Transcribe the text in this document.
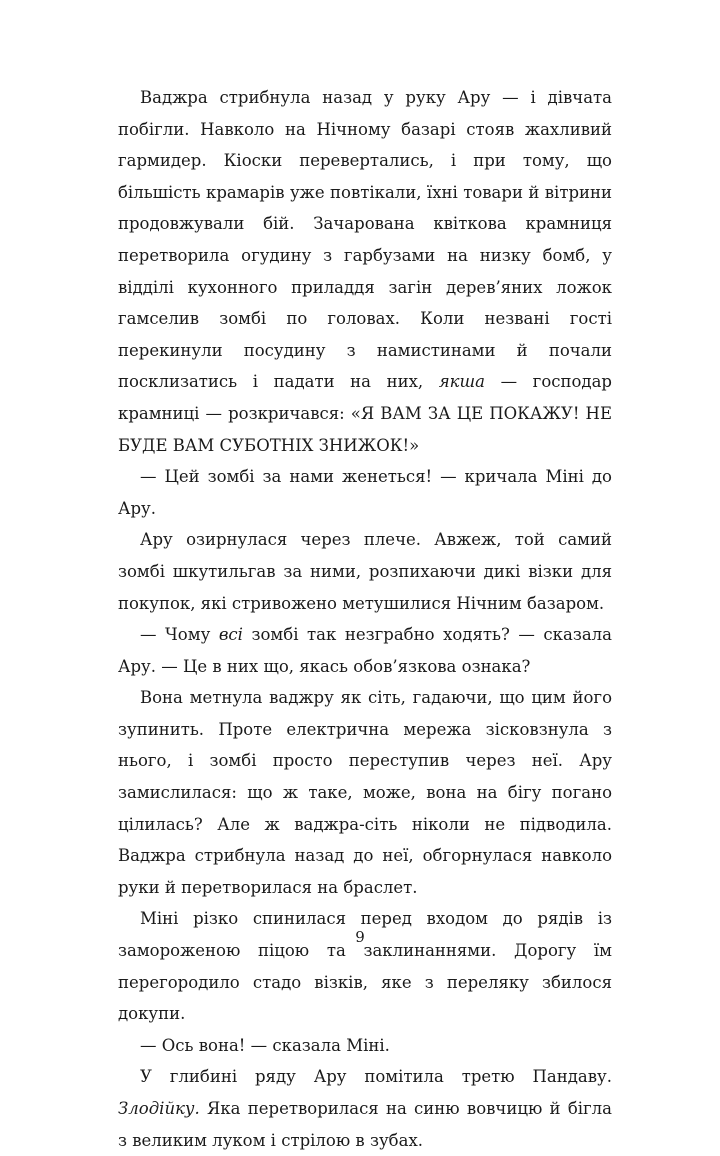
Ваджра стрибнула назад у руку Ару — і дівчата побігли. Навколо на Нічному базарі стояв жахливий гармидер. Кіоски перевертались, і при тому, що більшість крамарів уже повтікали, їхні товари й вітрини продовжували бій. Зачарована квіткова крамниця перетворила огудину з гарбузами на низку бомб, у відділі кухонного приладдя загін дерев’яних ложок гамселив зомбі по головах. Коли незвані гості перекинули посудину з намистинами й почали посклизатись і падати на них, якша — господар крамниці — розкричався: «Я ВАМ ЗА ЦЕ ПОКАЖУ! НЕ БУДЕ ВАМ СУБОТНІХ ЗНИЖОК!»

— Цей зомбі за нами женеться! — кричала Міні до Ару.

Ару озирнулася через плече. Авжеж, той самий зомбі шкутильгав за ними, розпихаючи дикі візки для покупок, які стривожено метушилися Нічним базаром.

— Чому всі зомбі так незграбно ходять? — сказала Ару. — Це в них що, якась обов’язкова ознака?

Вона метнула ваджру як сіть, гадаючи, що цим його зупинить. Проте електрична мережа зісковзнула з нього, і зомбі просто переступив через неї. Ару замислилася: що ж таке, може, вона на бігу погано цілилась? Але ж ваджра-сіть ніколи не підводила. Ваджра стрибнула назад до неї, обгорнулася навколо руки й перетворилася на браслет.

Міні різко спинилася перед входом до рядів із замороженою піцою та заклинаннями. Дорогу їм перегородило стадо візків, яке з переляку збилося докупи.

— Ось вона! — сказала Міні.

У глибині ряду Ару помітила третю Пандаву. Злодійку. Яка перетворилася на синю вовчицю й бігла з великим луком і стрілою в зубах.

9
